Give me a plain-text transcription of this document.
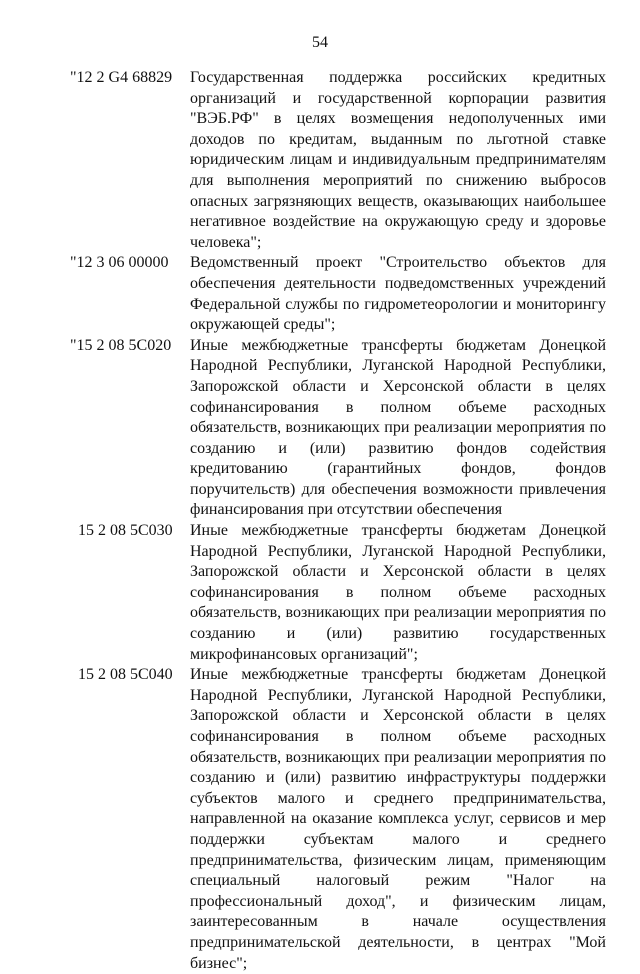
54
"12 2 G4 68829	Государственная поддержка российских кредитных организаций и государственной корпорации развития "ВЭБ.РФ" в целях возмещения недополученных ими доходов по кредитам, выданным по льготной ставке юридическим лицам и индивидуальным предпринимателям для выполнения мероприятий по снижению выбросов опасных загрязняющих веществ, оказывающих наибольшее негативное воздействие на окружающую среду и здоровье человека";
"12 3 06 00000	Ведомственный проект "Строительство объектов для обеспечения деятельности подведомственных учреждений Федеральной службы по гидрометеорологии и мониторингу окружающей среды";
"15 2 08 5C020	Иные межбюджетные трансферты бюджетам Донецкой Народной Республики, Луганской Народной Республики, Запорожской области и Херсонской области в целях софинансирования в полном объеме расходных обязательств, возникающих при реализации мероприятия по созданию и (или) развитию фондов содействия кредитованию (гарантийных фондов, фондов поручительств) для обеспечения возможности привлечения финансирования при отсутствии обеспечения
15 2 08 5C030	Иные межбюджетные трансферты бюджетам Донецкой Народной Республики, Луганской Народной Республики, Запорожской области и Херсонской области в целях софинансирования в полном объеме расходных обязательств, возникающих при реализации мероприятия по созданию и (или) развитию государственных микрофинансовых организаций";
15 2 08 5C040	Иные межбюджетные трансферты бюджетам Донецкой Народной Республики, Луганской Народной Республики, Запорожской области и Херсонской области в целях софинансирования в полном объеме расходных обязательств, возникающих при реализации мероприятия по созданию и (или) развитию инфраструктуры поддержки субъектов малого и среднего предпринимательства, направленной на оказание комплекса услуг, сервисов и мер поддержки субъектам малого и среднего предпринимательства, физическим лицам, применяющим специальный налоговый режим "Налог на профессиональный доход", и физическим лицам, заинтересованным в начале осуществления предпринимательской деятельности, в центрах "Мой бизнес";
